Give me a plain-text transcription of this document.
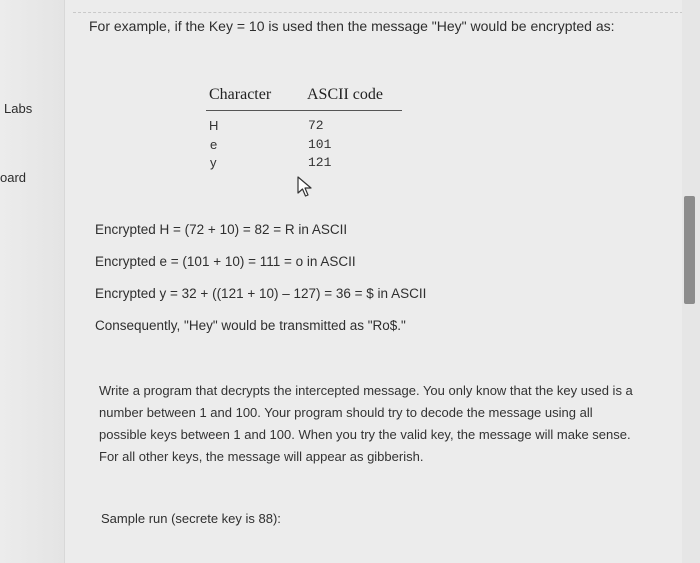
Labs
oard
For example, if the Key = 10 is used then the message "Hey" would be encrypted as:
Character ASCII code
H	72
e	101
y	121
Encrypted H = (72 + 10) = 82 = R in ASCII
Encrypted e = (101 + 10) = 111 = o in ASCII
Encrypted y = 32 + ((121 + 10) – 127) = 36 = $ in ASCII
Consequently, "Hey" would be transmitted as "Ro$."
Write a program that decrypts the intercepted message. You only know that the key used is a number between 1 and 100. Your program should try to decode the message using all possible keys between 1 and 100. When you try the valid key, the message will make sense. For all other keys, the message will appear as gibberish.
Sample run (secrete key is 88):
